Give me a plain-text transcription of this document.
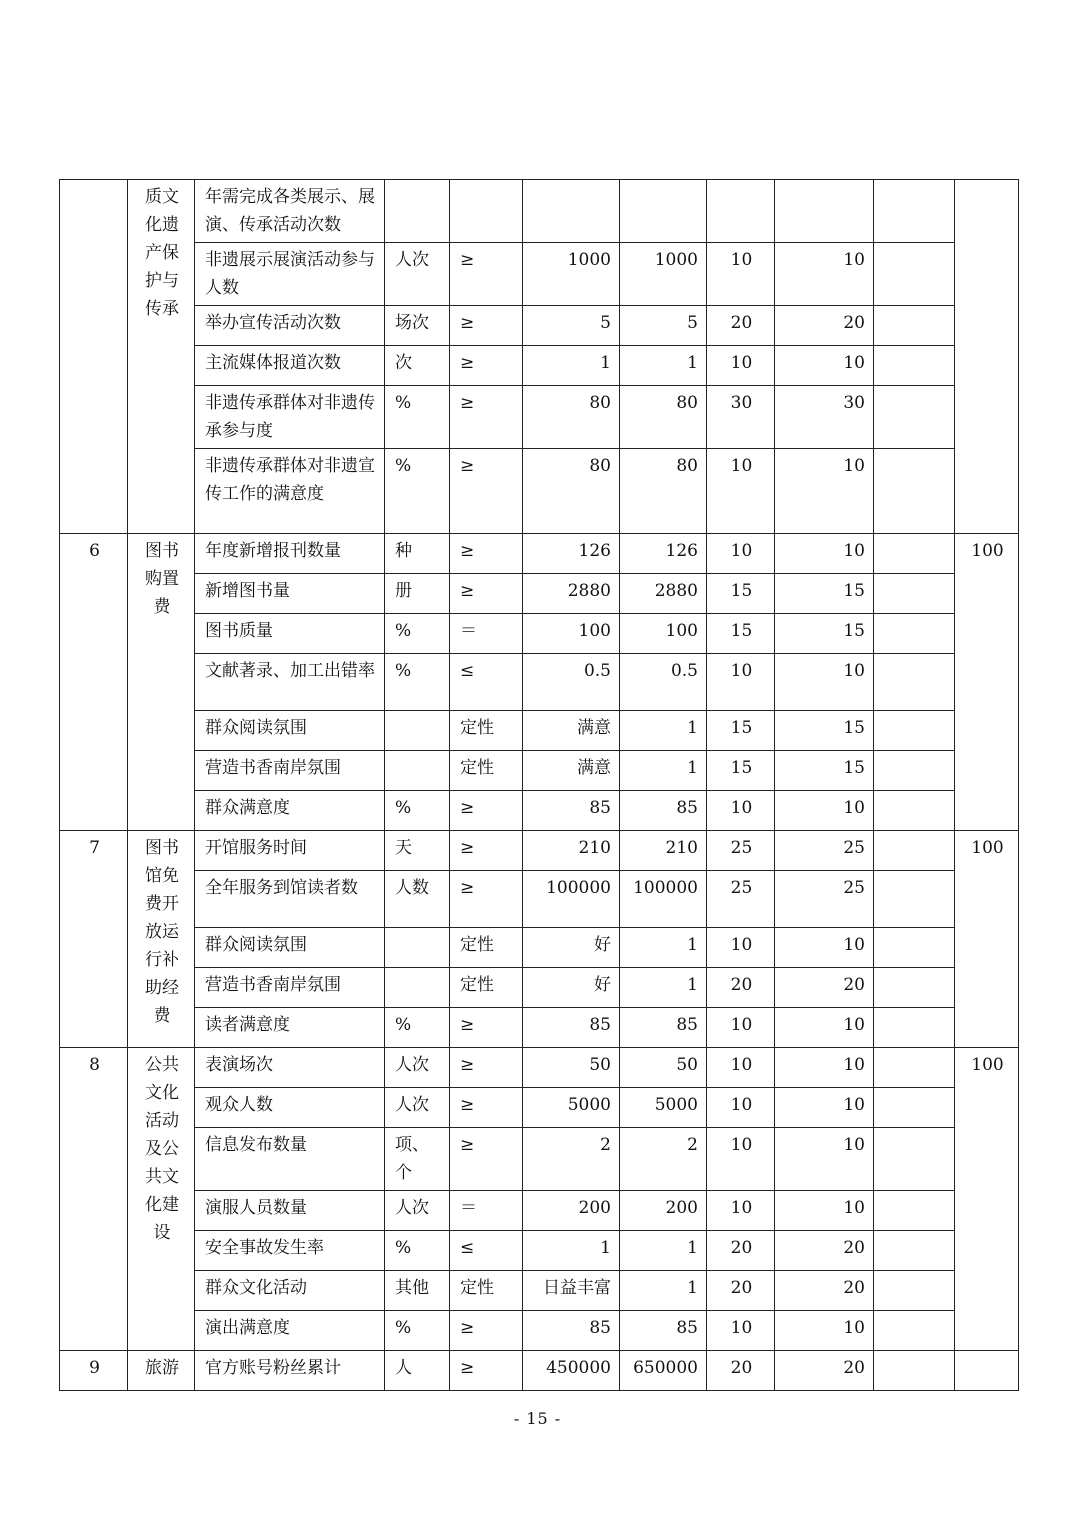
	质文化遗产保护与传承	年需完成各类展示、展演、传承活动次数								
		非遗展示展演活动参与人数	人次	≥	1000	1000	10	10		
		举办宣传活动次数	场次	≥	5	5	20	20		
		主流媒体报道次数	次	≥	1	1	10	10		
		非遗传承群体对非遗传承参与度	%	≥	80	80	30	30		
		非遗传承群体对非遗宣传工作的满意度	%	≥	80	80	10	10		
6	图书购置费	年度新增报刊数量	种	≥	126	126	10	10		100
		新增图书量	册	≥	2880	2880	15	15		
		图书质量	%	＝	100	100	15	15		
		文献著录、加工出错率	%	≤	0.5	0.5	10	10		
		群众阅读氛围		定性	满意	1	15	15		
		营造书香南岸氛围		定性	满意	1	15	15		
		群众满意度	%	≥	85	85	10	10		
7	图书馆免费开放运行补助经费	开馆服务时间	天	≥	210	210	25	25		100
		全年服务到馆读者数	人数	≥	100000	100000	25	25		
		群众阅读氛围		定性	好	1	10	10		
		营造书香南岸氛围		定性	好	1	20	20		
		读者满意度	%	≥	85	85	10	10		
8	公共文化活动及公共文化建设	表演场次	人次	≥	50	50	10	10		100
		观众人数	人次	≥	5000	5000	10	10		
		信息发布数量	项、个	≥	2	2	10	10		
		演服人员数量	人次	＝	200	200	10	10		
		安全事故发生率	%	≤	1	1	20	20		
		群众文化活动	其他	定性	日益丰富	1	20	20		
		演出满意度	%	≥	85	85	10	10		
9	旅游	官方账号粉丝累计	人	≥	450000	650000	20	20		
- 15 -
